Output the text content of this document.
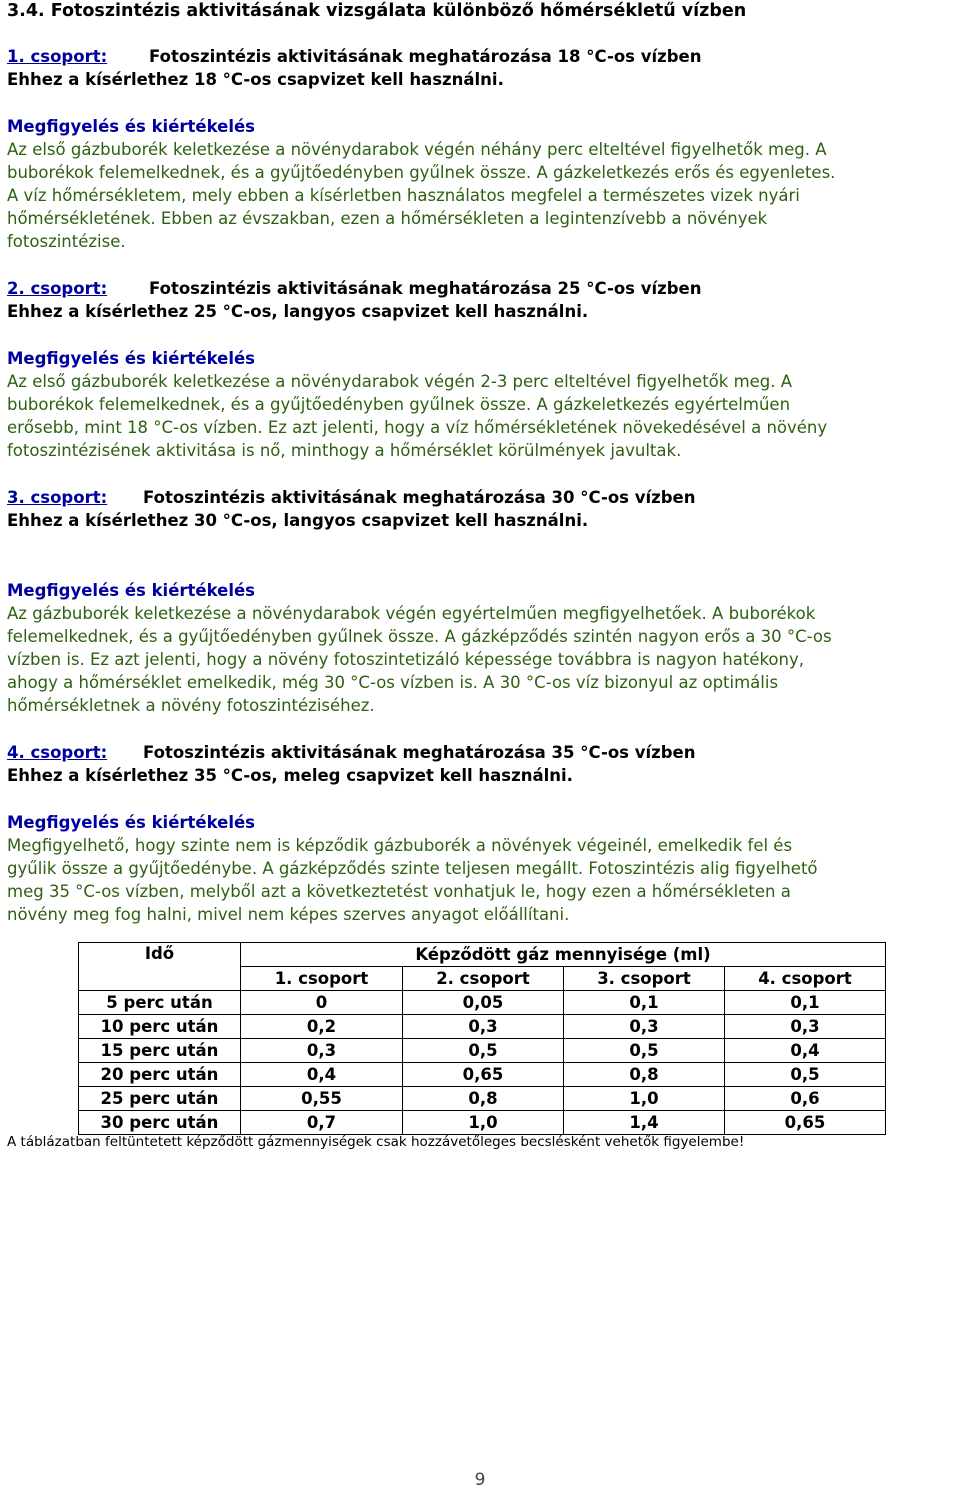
3.4. Fotoszintézis aktivitásának vizsgálata különböző hőmérsékletű vízben
1. csoport:	Fotoszintézis aktivitásának meghatározása 18 °C-os vízben
Ehhez a kísérlethez 18 °C-os csapvizet kell használni.
Megfigyelés és kiértékelés
Az első gázbuborék keletkezése a növénydarabok végén néhány perc elteltével figyelhetők meg. A
buborékok felemelkednek, és a gyűjtőedényben gyűlnek össze. A gázkeletkezés erős és egyenletes.
A víz hőmérsékletem, mely ebben a kísérletben használatos megfelel a természetes vizek nyári
hőmérsékletének. Ebben az évszakban, ezen a hőmérsékleten a legintenzívebb a növények
fotoszintézise.
2. csoport:	Fotoszintézis aktivitásának meghatározása 25 °C-os vízben
Ehhez a kísérlethez 25 °C-os, langyos csapvizet kell használni.
Megfigyelés és kiértékelés
Az első gázbuborék keletkezése a növénydarabok végén 2-3 perc elteltével figyelhetők meg. A
buborékok felemelkednek, és a gyűjtőedényben gyűlnek össze. A gázkeletkezés egyértelműen
erősebb, mint 18 °C-os vízben. Ez azt jelenti, hogy a víz hőmérsékletének növekedésével a növény
fotoszintézisének aktivitása is nő, minthogy a hőmérséklet körülmények javultak.
3. csoport: Fotoszintézis aktivitásának meghatározása 30 °C-os vízben
Ehhez a kísérlethez 30 °C-os, langyos csapvizet kell használni.
Megfigyelés és kiértékelés
Az gázbuborék keletkezése a növénydarabok végén egyértelműen megfigyelhetőek. A buborékok
felemelkednek, és a gyűjtőedényben gyűlnek össze. A gázképződés szintén nagyon erős a 30 °C-os
vízben is. Ez azt jelenti, hogy a növény fotoszintetizáló képessége továbbra is nagyon hatékony,
ahogy a hőmérséklet emelkedik, még 30 °C-os vízben is. A 30 °C-os víz bizonyul az optimális
hőmérsékletnek a növény fotoszintéziséhez.
4. csoport: Fotoszintézis aktivitásának meghatározása 35 °C-os vízben
Ehhez a kísérlethez 35 °C-os, meleg csapvizet kell használni.
Megfigyelés és kiértékelés
Megfigyelhető, hogy szinte nem is képződik gázbuborék a növények végeinél, emelkedik fel és
gyűlik össze a gyűjtőedénybe. A gázképződés szinte teljesen megállt. Fotoszintézis alig figyelhető
meg 35 °C-os vízben, melyből azt a következtetést vonhatjuk le, hogy ezen a hőmérsékleten a
növény meg fog halni, mivel nem képes szerves anyagot előállítani.
Idő	Képződött gáz mennyisége (ml)			
	1. csoport	2. csoport	3. csoport	4. csoport
5 perc után	0	0,05	0,1	0,1
10 perc után	0,2	0,3	0,3	0,3
15 perc után	0,3	0,5	0,5	0,4
20 perc után	0,4	0,65	0,8	0,5
25 perc után	0,55	0,8	1,0	0,6
30 perc után	0,7	1,0	1,4	0,65
A táblázatban feltüntetett képződött gázmennyiségek csak hozzávetőleges becslésként vehetők figyelembe!
9
